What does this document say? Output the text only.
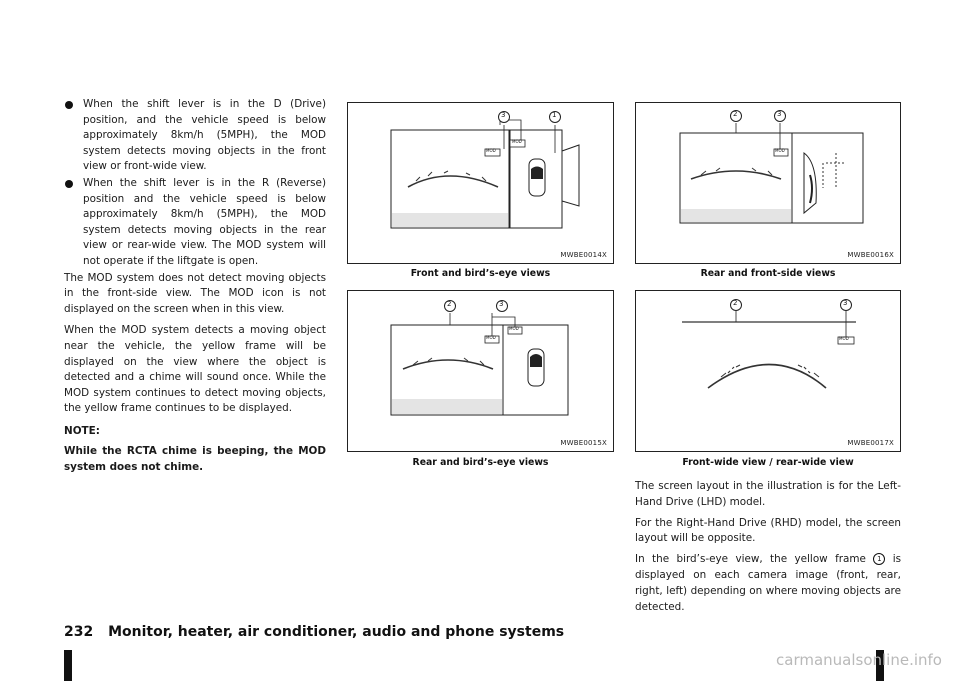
When the shift lever is in the D (Drive) position, and the vehicle speed is below approximately 8km/h (5MPH), the MOD system detects moving objects in the front view or front-wide view.
When the shift lever is in the R (Reverse) position and the vehicle speed is below approximately 8km/h (5MPH), the MOD system detects moving objects in the rear view or rear-wide view. The MOD system will not operate if the liftgate is open.

The MOD system does not detect moving objects in the front-side view. The MOD icon is not displayed on the screen when in this view.

When the MOD system detects a moving object near the vehicle, the yellow frame will be displayed on the view where the object is detected and a chime will sound once. While the MOD system continues to detect moving objects, the yellow frame continues to be displayed.

NOTE:
While the RCTA chime is beeping, the MOD system does not chime.
MOD
MOD
3	1
MWBE0014X
Front and bird’s-eye views
MOD
2	3
MWBE0016X
Rear and front-side views
MOD
MOD
2	3
MWBE0015X
Rear and bird’s-eye views
MOD
2	3
MWBE0017X
Front-wide view / rear-wide view

The screen layout in the illustration is for the Left-Hand Drive (LHD) model.

For the Right-Hand Drive (RHD) model, the screen layout will be opposite.

In the bird’s-eye view, the yellow frame 1 is displayed on each camera image (front, rear, right, left) depending on where moving objects are detected.

232 Monitor, heater, air conditioner, audio and phone systems
carmanualsonline.info
